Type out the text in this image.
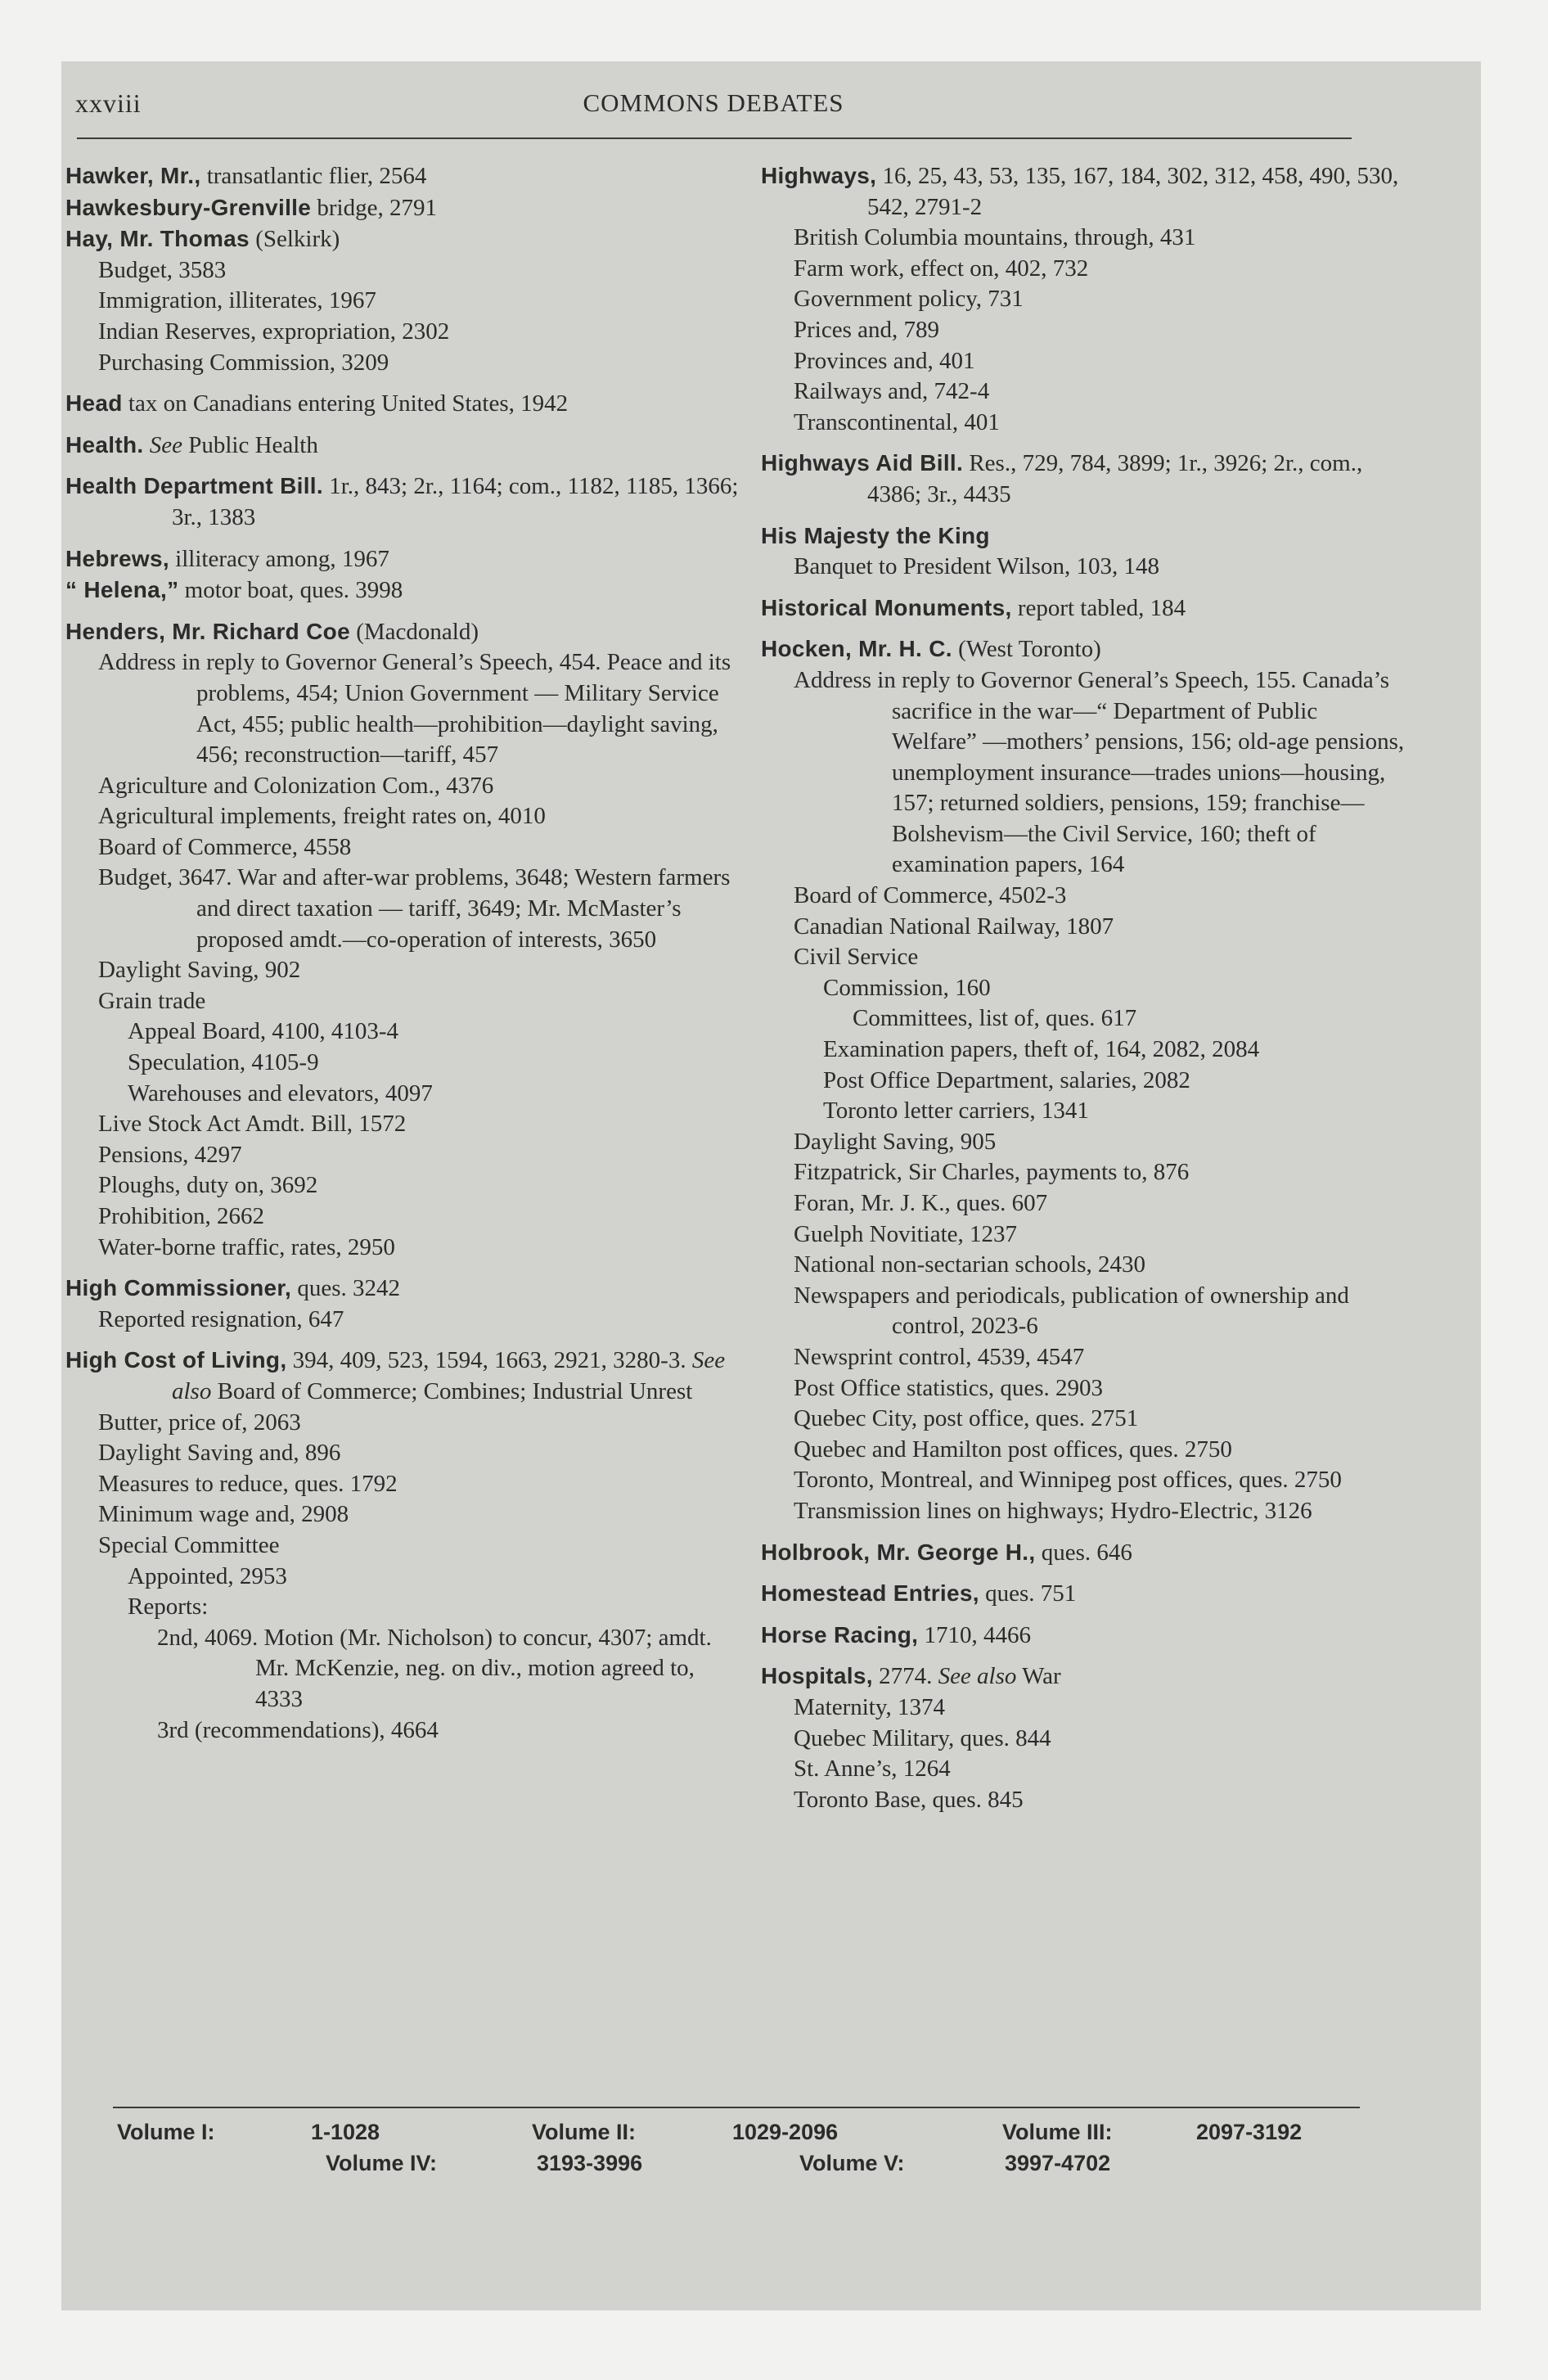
xxviii	COMMONS DEBATES
Hawker, Mr., transatlantic flier, 2564
Hawkesbury-Grenville bridge, 2791
Hay, Mr. Thomas (Selkirk)
Budget, 3583
Immigration, illiterates, 1967
Indian Reserves, expropriation, 2302
Purchasing Commission, 3209
Head tax on Canadians entering United States, 1942
Health. See Public Health
Health Department Bill. 1r., 843; 2r., 1164; com., 1182, 1185, 1366; 3r., 1383
Hebrews, illiteracy among, 1967
“ Helena,” motor boat, ques. 3998
Henders, Mr. Richard Coe (Macdonald)
Address in reply to Governor General’s Speech, 454. Peace and its problems, 454; Union Government — Military Service Act, 455; public health—prohibition—daylight saving, 456; reconstruction—tariff, 457
Agriculture and Colonization Com., 4376
Agricultural implements, freight rates on, 4010
Board of Commerce, 4558
Budget, 3647. War and after-war problems, 3648; Western farmers and direct taxation — tariff, 3649; Mr. McMaster’s proposed amdt.—co-operation of interests, 3650
Daylight Saving, 902
Grain trade
Appeal Board, 4100, 4103-4
Speculation, 4105-9
Warehouses and elevators, 4097
Live Stock Act Amdt. Bill, 1572
Pensions, 4297
Ploughs, duty on, 3692
Prohibition, 2662
Water-borne traffic, rates, 2950
High Commissioner, ques. 3242
Reported resignation, 647
High Cost of Living, 394, 409, 523, 1594, 1663, 2921, 3280-3. See also Board of Commerce; Combines; Industrial Unrest
Butter, price of, 2063
Daylight Saving and, 896
Measures to reduce, ques. 1792
Minimum wage and, 2908
Special Committee
Appointed, 2953
Reports:
2nd, 4069. Motion (Mr. Nicholson) to concur, 4307; amdt. Mr. McKenzie, neg. on div., motion agreed to, 4333
3rd (recommendations), 4664
Highways, 16, 25, 43, 53, 135, 167, 184, 302, 312, 458, 490, 530, 542, 2791-2
British Columbia mountains, through, 431
Farm work, effect on, 402, 732
Government policy, 731
Prices and, 789
Provinces and, 401
Railways and, 742-4
Transcontinental, 401
Highways Aid Bill. Res., 729, 784, 3899; 1r., 3926; 2r., com., 4386; 3r., 4435
His Majesty the King
Banquet to President Wilson, 103, 148
Historical Monuments, report tabled, 184
Hocken, Mr. H. C. (West Toronto)
Address in reply to Governor General’s Speech, 155. Canada’s sacrifice in the war—“ Department of Public Welfare” —mothers’ pensions, 156; old-age pensions, unemployment insurance—trades unions—housing, 157; returned soldiers, pensions, 159; franchise—Bolshevism—the Civil Service, 160; theft of examination papers, 164
Board of Commerce, 4502-3
Canadian National Railway, 1807
Civil Service
Commission, 160
Committees, list of, ques. 617
Examination papers, theft of, 164, 2082, 2084
Post Office Department, salaries, 2082
Toronto letter carriers, 1341
Daylight Saving, 905
Fitzpatrick, Sir Charles, payments to, 876
Foran, Mr. J. K., ques. 607
Guelph Novitiate, 1237
National non-sectarian schools, 2430
Newspapers and periodicals, publication of ownership and control, 2023-6
Newsprint control, 4539, 4547
Post Office statistics, ques. 2903
Quebec City, post office, ques. 2751
Quebec and Hamilton post offices, ques. 2750
Toronto, Montreal, and Winnipeg post offices, ques. 2750
Transmission lines on highways; Hydro-Electric, 3126
Holbrook, Mr. George H., ques. 646
Homestead Entries, ques. 751
Horse Racing, 1710, 4466
Hospitals, 2774. See also War
Maternity, 1374
Quebec Military, ques. 844
St. Anne’s, 1264
Toronto Base, ques. 845
Volume I:	1-1028	Volume II:	1029-2096	Volume III:	2097-3192
Volume IV:	3193-3996	Volume V:	3997-4702
